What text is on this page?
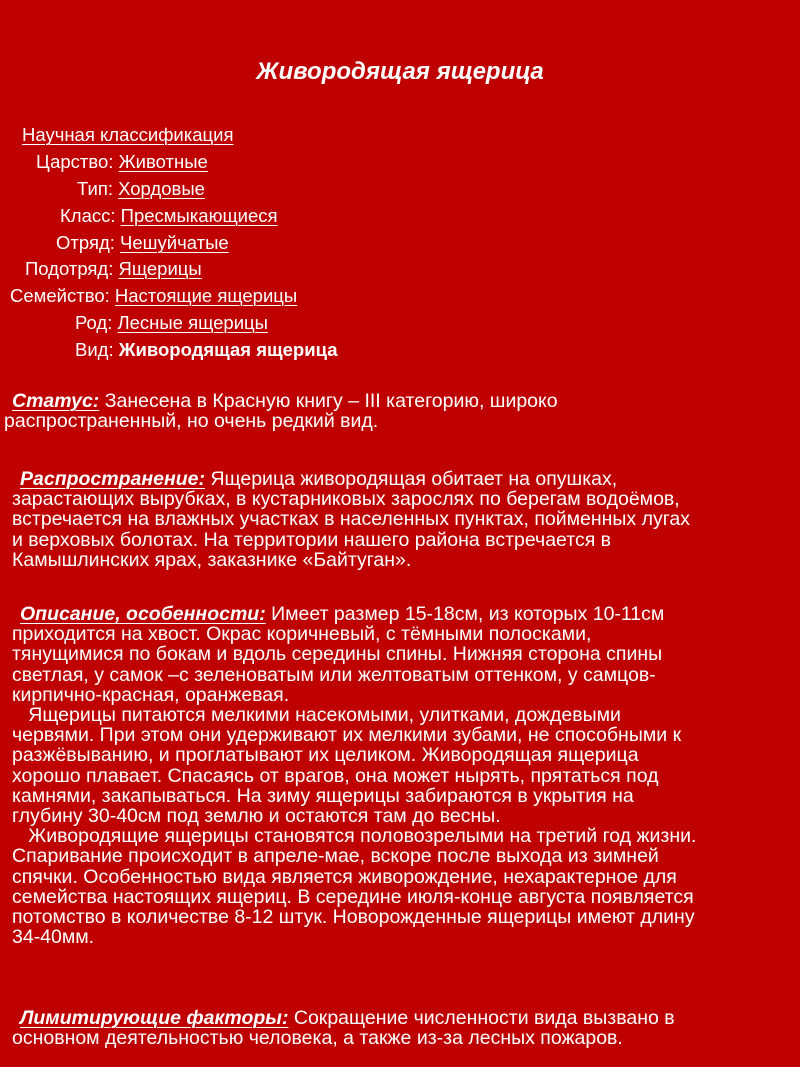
Живородящая ящерица
Научная классификация
Царство: Животные
Тип: Хордовые
Класс: Пресмыкающиеся
Отряд: Чешуйчатые
Подотряд: Ящерицы
Семейство: Настоящие ящерицы
Род: Лесные ящерицы
Вид: Живородящая ящерица
Статус: Занесена в Красную книгу – III категорию, широко

распространенный, но очень редкий вид.
Распространение: Ящерица живородящая обитает на опушках,

зарастающих вырубках, в кустарниковых зарослях по берегам водоёмов,
встречается на влажных участках в населенных пунктах, пойменных лугах
и верховых болотах. На территории нашего района встречается в
Камышлинских ярах, заказнике «Байтуган».
Описание, особенности: Имеет размер 15-18см, из которых 10-11см

приходится на хвост. Окрас коричневый, с тёмными полосками,
тянущимися по бокам и вдоль середины спины. Нижняя сторона спины
светлая, у самок –с зеленоватым или желтоватым оттенком, у самцов-
кирпично-красная, оранжевая.
Ящерицы питаются мелкими насекомыми, улитками, дождевыми
червями. При этом они удерживают их мелкими зубами, не способными к
разжёвыванию, и проглатывают их целиком. Живородящая ящерица
хорошо плавает. Спасаясь от врагов, она может нырять, прятаться под
камнями, закапываться. На зиму ящерицы забираются в укрытия на
глубину 30-40см под землю и остаются там до весны.
Живородящие ящерицы становятся половозрелыми на третий год жизни.
Спаривание происходит в апреле-мае, вскоре после выхода из зимней
спячки. Особенностью вида является живорождение, нехарактерное для
семейства настоящих ящериц. В середине июля-конце августа появляется
потомство в количестве 8-12 штук. Новорожденные ящерицы имеют длину
34-40мм.
Лимитирующие факторы: Сокращение численности вида вызвано в

основном деятельностью человека, а также из-за лесных пожаров.
